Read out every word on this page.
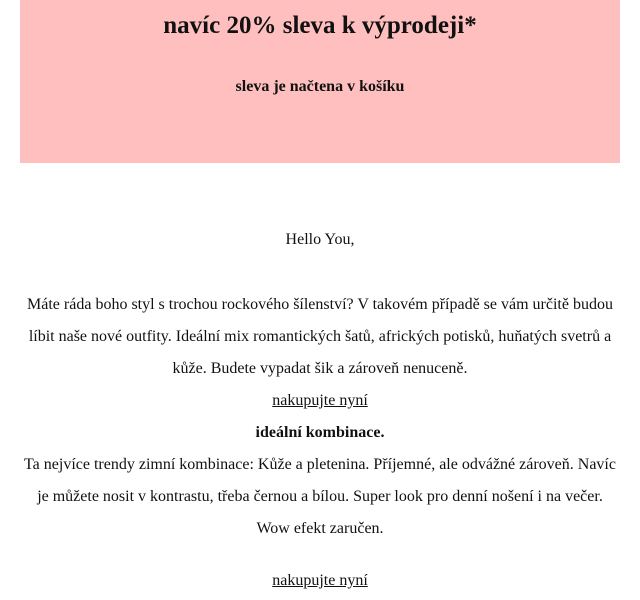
navíc 20% sleva k výprodeji*

sleva je načtena v košíku

Hello You,

Máte ráda boho styl s trochou rockového šílenství? V takovém případě se vám určitě budou líbit naše nové outfity. Ideální mix romantických šatů, afrických potisků, huňatých svetrů a kůže. Budete vypadat šik a zároveň nenuceně.

nakupujte nyní

ideální kombinace.

Ta nejvíce trendy zimní kombinace: Kůže a pletenina. Příjemné, ale odvážné zároveň. Navíc je můžete nosit v kontrastu, třeba černou a bílou. Super look pro denní nošení i na večer. Wow efekt zaručen.

nakupujte nyní
